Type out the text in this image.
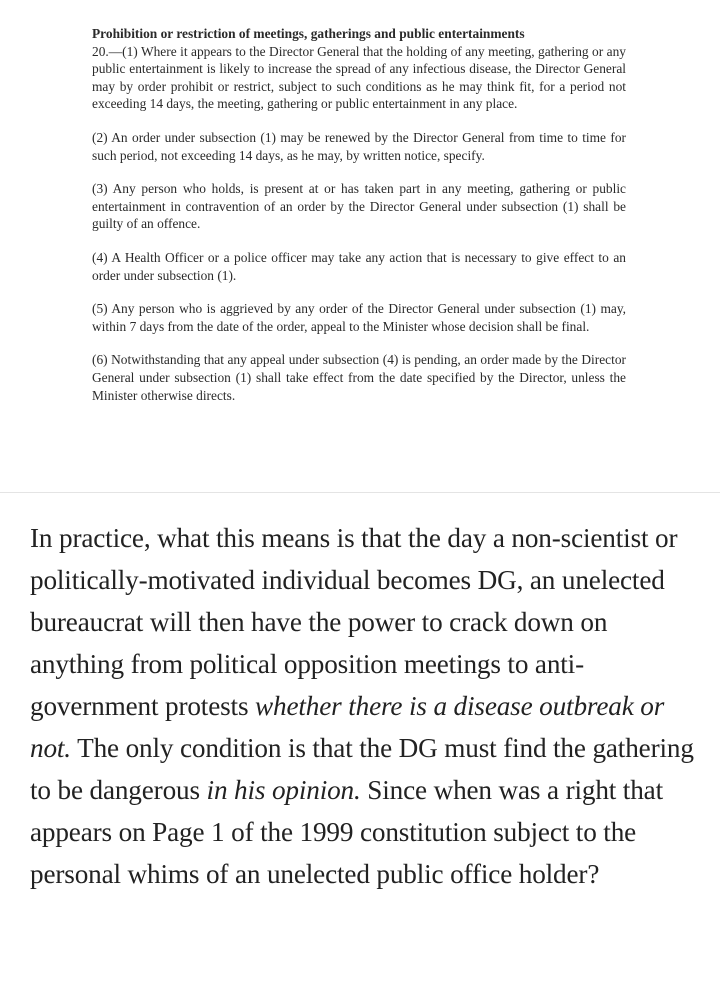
Prohibition or restriction of meetings, gatherings and public entertainments

20.—(1) Where it appears to the Director General that the holding of any meeting, gathering or any public entertainment is likely to increase the spread of any infectious disease, the Director General may by order prohibit or restrict, subject to such conditions as he may think fit, for a period not exceeding 14 days, the meeting, gathering or public entertainment in any place.

(2) An order under subsection (1) may be renewed by the Director General from time to time for such period, not exceeding 14 days, as he may, by written notice, specify.

(3) Any person who holds, is present at or has taken part in any meeting, gathering or public entertainment in contravention of an order by the Director General under subsection (1) shall be guilty of an offence.

(4) A Health Officer or a police officer may take any action that is necessary to give effect to an order under subsection (1).

(5) Any person who is aggrieved by any order of the Director General under subsection (1) may, within 7 days from the date of the order, appeal to the Minister whose decision shall be final.

(6) Notwithstanding that any appeal under subsection (4) is pending, an order made by the Director General under subsection (1) shall take effect from the date specified by the Director, unless the Minister otherwise directs.

In practice, what this means is that the day a non-scientist or politically-motivated individual becomes DG, an unelected bureaucrat will then have the power to crack down on anything from political opposition meetings to anti-government protests whether there is a disease outbreak or not. The only condition is that the DG must find the gathering to be dangerous in his opinion. Since when was a right that appears on Page 1 of the 1999 constitution subject to the personal whims of an unelected public office holder?
